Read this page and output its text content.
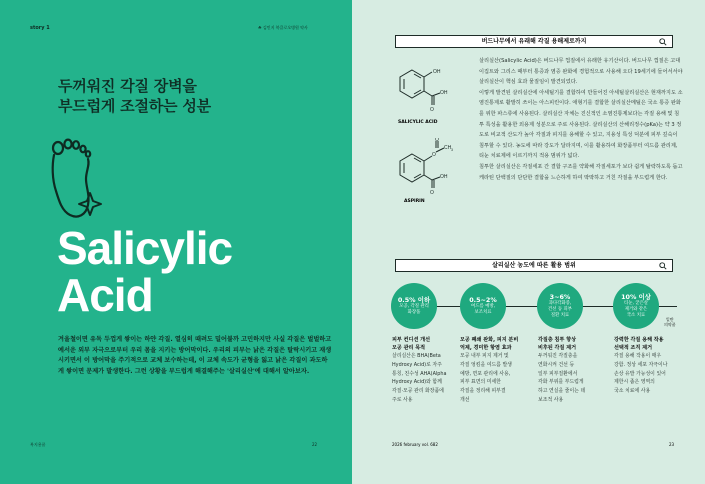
story 1	☘ 김민지 북클로오병원 약사
두꺼워진 각질 장벽을
부드럽게 조절하는 성분
Salicylic
Acid
겨울철이면 유독 두껍게 쌓이는 하얀 각질. 열심히 때려도 밀어불까 고민하지만 사실 각질은 벌벌하고 예서운 외부 자극으로부터 우리 몸을 지키는 방어막이다. 우리의 피부는 낡은 각질은 탈락시키고 재생시키면서 이 방어막을 주기적으로 교체 보수하는데, 이 교체 속도가 균형을 잃고 낡은 각질이 과도하게 쌓이면 문제가 발생한다. 그런 상황을 부드럽게 해결해주는 '살리실산'에 대해서 알아보자.
복지용품	22
버드나무에서 유래해 각질 용해제로까지
OH
O
OH
SALICYLIC ACID
O
O
CH 3
O
OH
ASPIRIN

살리실산(Salicylic Acid)은 버드나무 껍질에서 유래한 유기산이다. 버드나무 껍질은 고대 이집트와 그리스 때부터 통증과 염증 완화에 경험적으로 사용해 오다 19세기에 들어서서야 살리실산이 핵심 효과 물질임이 발견되었다.

이렇게 발견된 살리실산에 아세틸기를 결합하여 만들어진 아세틸살리실산은 현재까지도 소염진통제로 활발히 쓰이는 아스피린이다. 애형기를 결합한 살리실산메틸은 국소 통증 완화를 위한 파스류에 사용된다. 살리실산 자체는 진신적인 소염진통제보다는 각질 용해 및 침투 특성을 활용한 외용제 성분으로 주로 사용된다. 살리실산의 산해리정수(pKa)는 약 3 정도로 비교적 산도가 높아 각질과 피지를 용해할 수 있고, 지용성 특성 덕분에 피부 깊숙이 침투할 수 있다. 농도에 따라 강도가 달라지며, 이를 활용하여 화장품부터 여드름 관리제, 티눈 치료제에 이르기까지 적용 범위가 넓다.

침투한 살리실산은 각질세포 간 결합 구조를 약화해 각질세포가 보다 쉽게 탈락하도록 돕고 케라틴 단백질의 단단한 결합을 느슨하게 하여 딱딱하고 거친 각질을 부드럽게 한다.

살리실산 농도에 따른 활용 범위
0.5% 이하
모공, 각질 관리
화장품
0.5~2%
여드름 예방,
보조치료
3~6%
과다각화증,
건선 등 피부
질환 치료
10% 이상
티눈, 굳은살
제거와 같은
국소 치료
일반
의약품
피부 컨디션 개선
모공 관리 목적
살리실산은 BHA(Beta
Hydroxy Acid)로 자주
통칭, 친수성 AHA(Alpha
Hydroxy Acid)와 함께
각질·모공 관리 화장품에
주로 사용
모공 폐쇄 완화, 피지 분비
억제, 경미한 항염 효과
모공 내부 피지 제거 및
각질 엉킴을 여드름 발생
예방, 면포 관리에 사용,
피부 표면의 미세한
각질을 정리해 피부결
개선
각질층 침투 향상
비후된 각질 제거
두꺼워진 각질층을
연화시켜 건선 등
일부 피부질환에서
각화 부위를 부드럽게
하고 연실을 줄이는 데
보조적 사용
강력한 각질 용해 작용
선택적 조직 제거
각질 용해 작용이 매우
강함. 정상 세포 자극이나
손상 유발 가능성이 있어
제한시 좁은 영역의
국소 치료에 사용
2026 february vol. 682	23
